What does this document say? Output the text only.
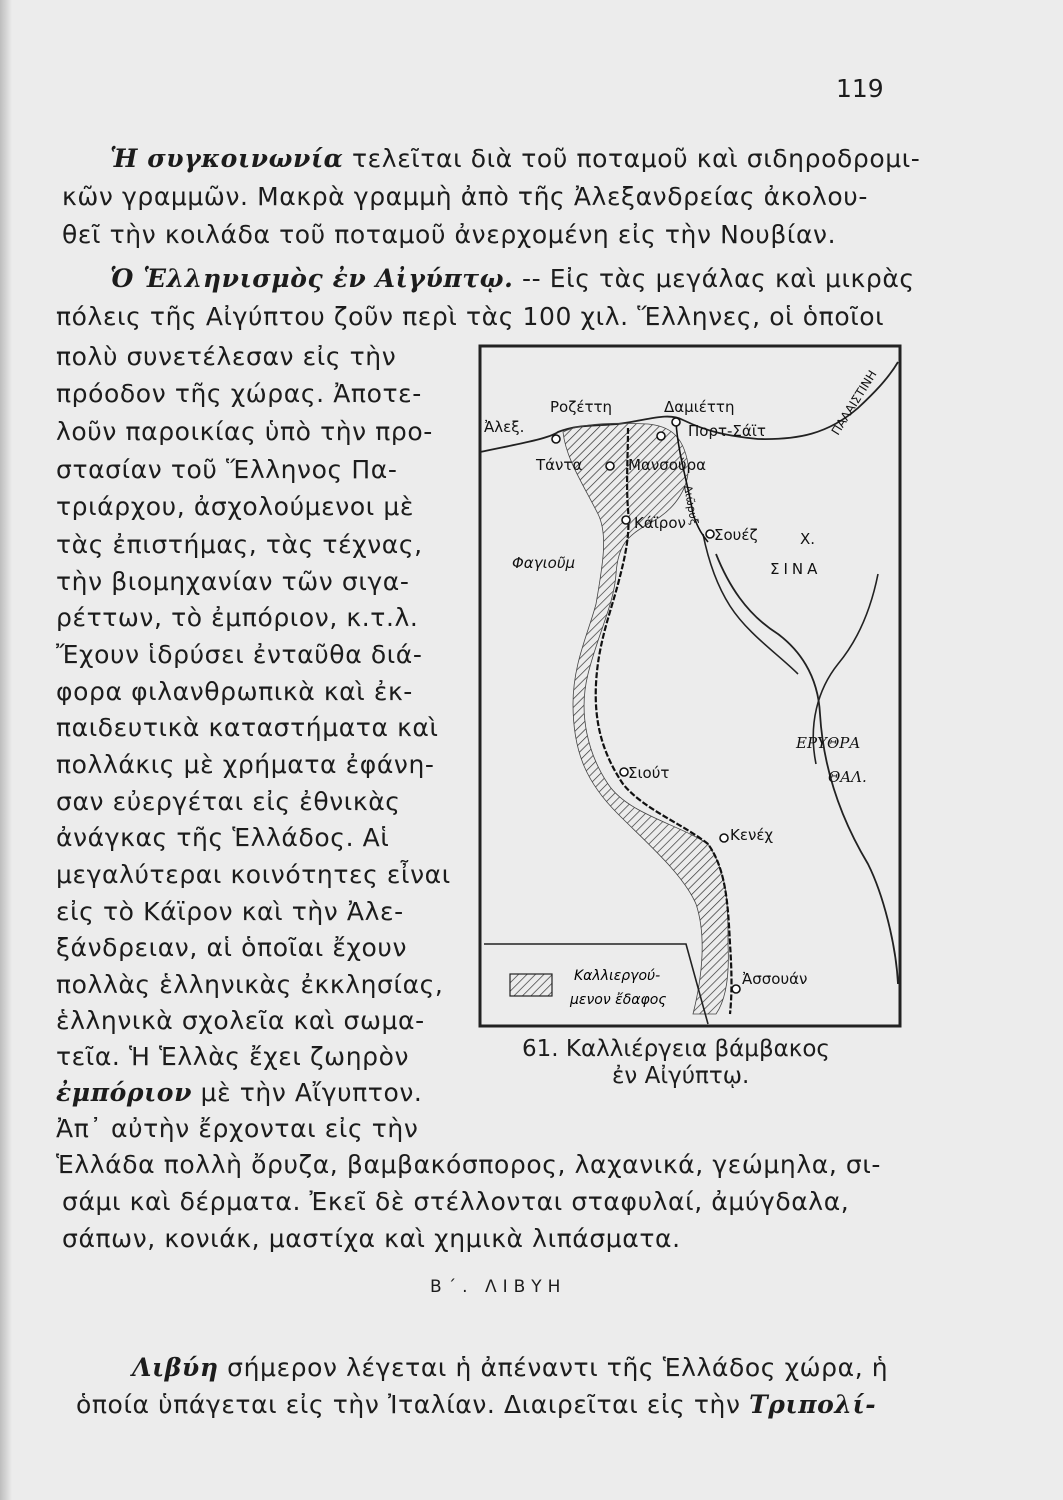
119
Ἡ συγκοινωνία τελεῖται διὰ τοῦ ποταμοῦ καὶ σιδηροδρομι-
κῶν γραμμῶν. Μακρὰ γραμμὴ ἀπὸ τῆς Ἀλεξανδρείας ἀκολου-
θεῖ τὴν κοιλάδα τοῦ ποταμοῦ ἀνερχομένη εἰς τὴν Νουβίαν.
Ὁ Ἑλληνισμὸς ἐν Αἰγύπτῳ. -- Εἰς τὰς μεγάλας καὶ μικρὰς
πόλεις τῆς Αἰγύπτου ζοῦν περὶ τὰς 100 χιλ. Ἕλληνες, οἱ ὁποῖοι
πολὺ συνετέλεσαν εἰς τὴν
πρόοδον τῆς χώρας. Ἀποτε-
λοῦν παροικίας ὑπὸ τὴν προ-
στασίαν τοῦ Ἕλληνος Πα-
τριάρχου, ἀσχολούμενοι μὲ
τὰς ἐπιστήμας, τὰς τέχνας,
τὴν βιομηχανίαν τῶν σιγα-
ρέττων, τὸ ἐμπόριον, κ.τ.λ.
Ἔχουν ἱδρύσει ἐνταῦθα διά-
φορα φιλανθρωπικὰ καὶ ἐκ-
παιδευτικὰ καταστήματα καὶ
πολλάκις μὲ χρήματα ἐφάνη-
σαν εὐεργέται εἰς ἐθνικὰς
ἀνάγκας τῆς Ἑλλάδος. Αἱ
μεγαλύτεραι κοινότητες εἶναι
εἰς τὸ Κάϊρον καὶ τὴν Ἀλε-
ξάνδρειαν, αἱ ὁποῖαι ἔχουν
πολλὰς ἑλληνικὰς ἐκκλησίας,
ἑλληνικὰ σχολεῖα καὶ σωμα-
τεῖα. Ἡ Ἑλλὰς ἔχει ζωηρὸν
ἐμπόριον μὲ τὴν Αἴγυπτον.
Ἀπ᾽ αὐτὴν ἔρχονται εἰς τὴν
Ἑλλάδα πολλὴ ὄρυζα, βαμβακόσπορος, λαχανικά, γεώμηλα, σι-
σάμι καὶ δέρματα. Ἐκεῖ δὲ στέλλονται σταφυλαί, ἀμύγδαλα,
σάπων, κονιάκ, μαστίχα καὶ χημικὰ λιπάσματα.
Β΄. ΛΙΒΥΗ
Λιβύη σήμερον λέγεται ἡ ἀπέναντι τῆς Ἑλλάδος χώρα, ἡ
ὁποία ὑπάγεται εἰς τὴν Ἰταλίαν. Διαιρεῖται εἰς τὴν Τριπολί-
Ροζέττη	Δαμιέττη
Ἀλεξ.	Πορτ-Σάϊτ
Τάντα	Μανσούρα
Κάϊρον
Σουέζ	Χ.
ΣΙΝΑ
Φαγιοῦμ
Σιούτ
Κενέχ
Ἀσσουάν
ΕΡΥΘΡΑ
ΘΑΛ.
ΠΑΛΑΙΣΤΙΝΗ
Διῶρυξ
Καλλιεργού-
μενον ἔδαφος
61. Καλλιέργεια βάμβακος
ἐν Αἰγύπτῳ.
